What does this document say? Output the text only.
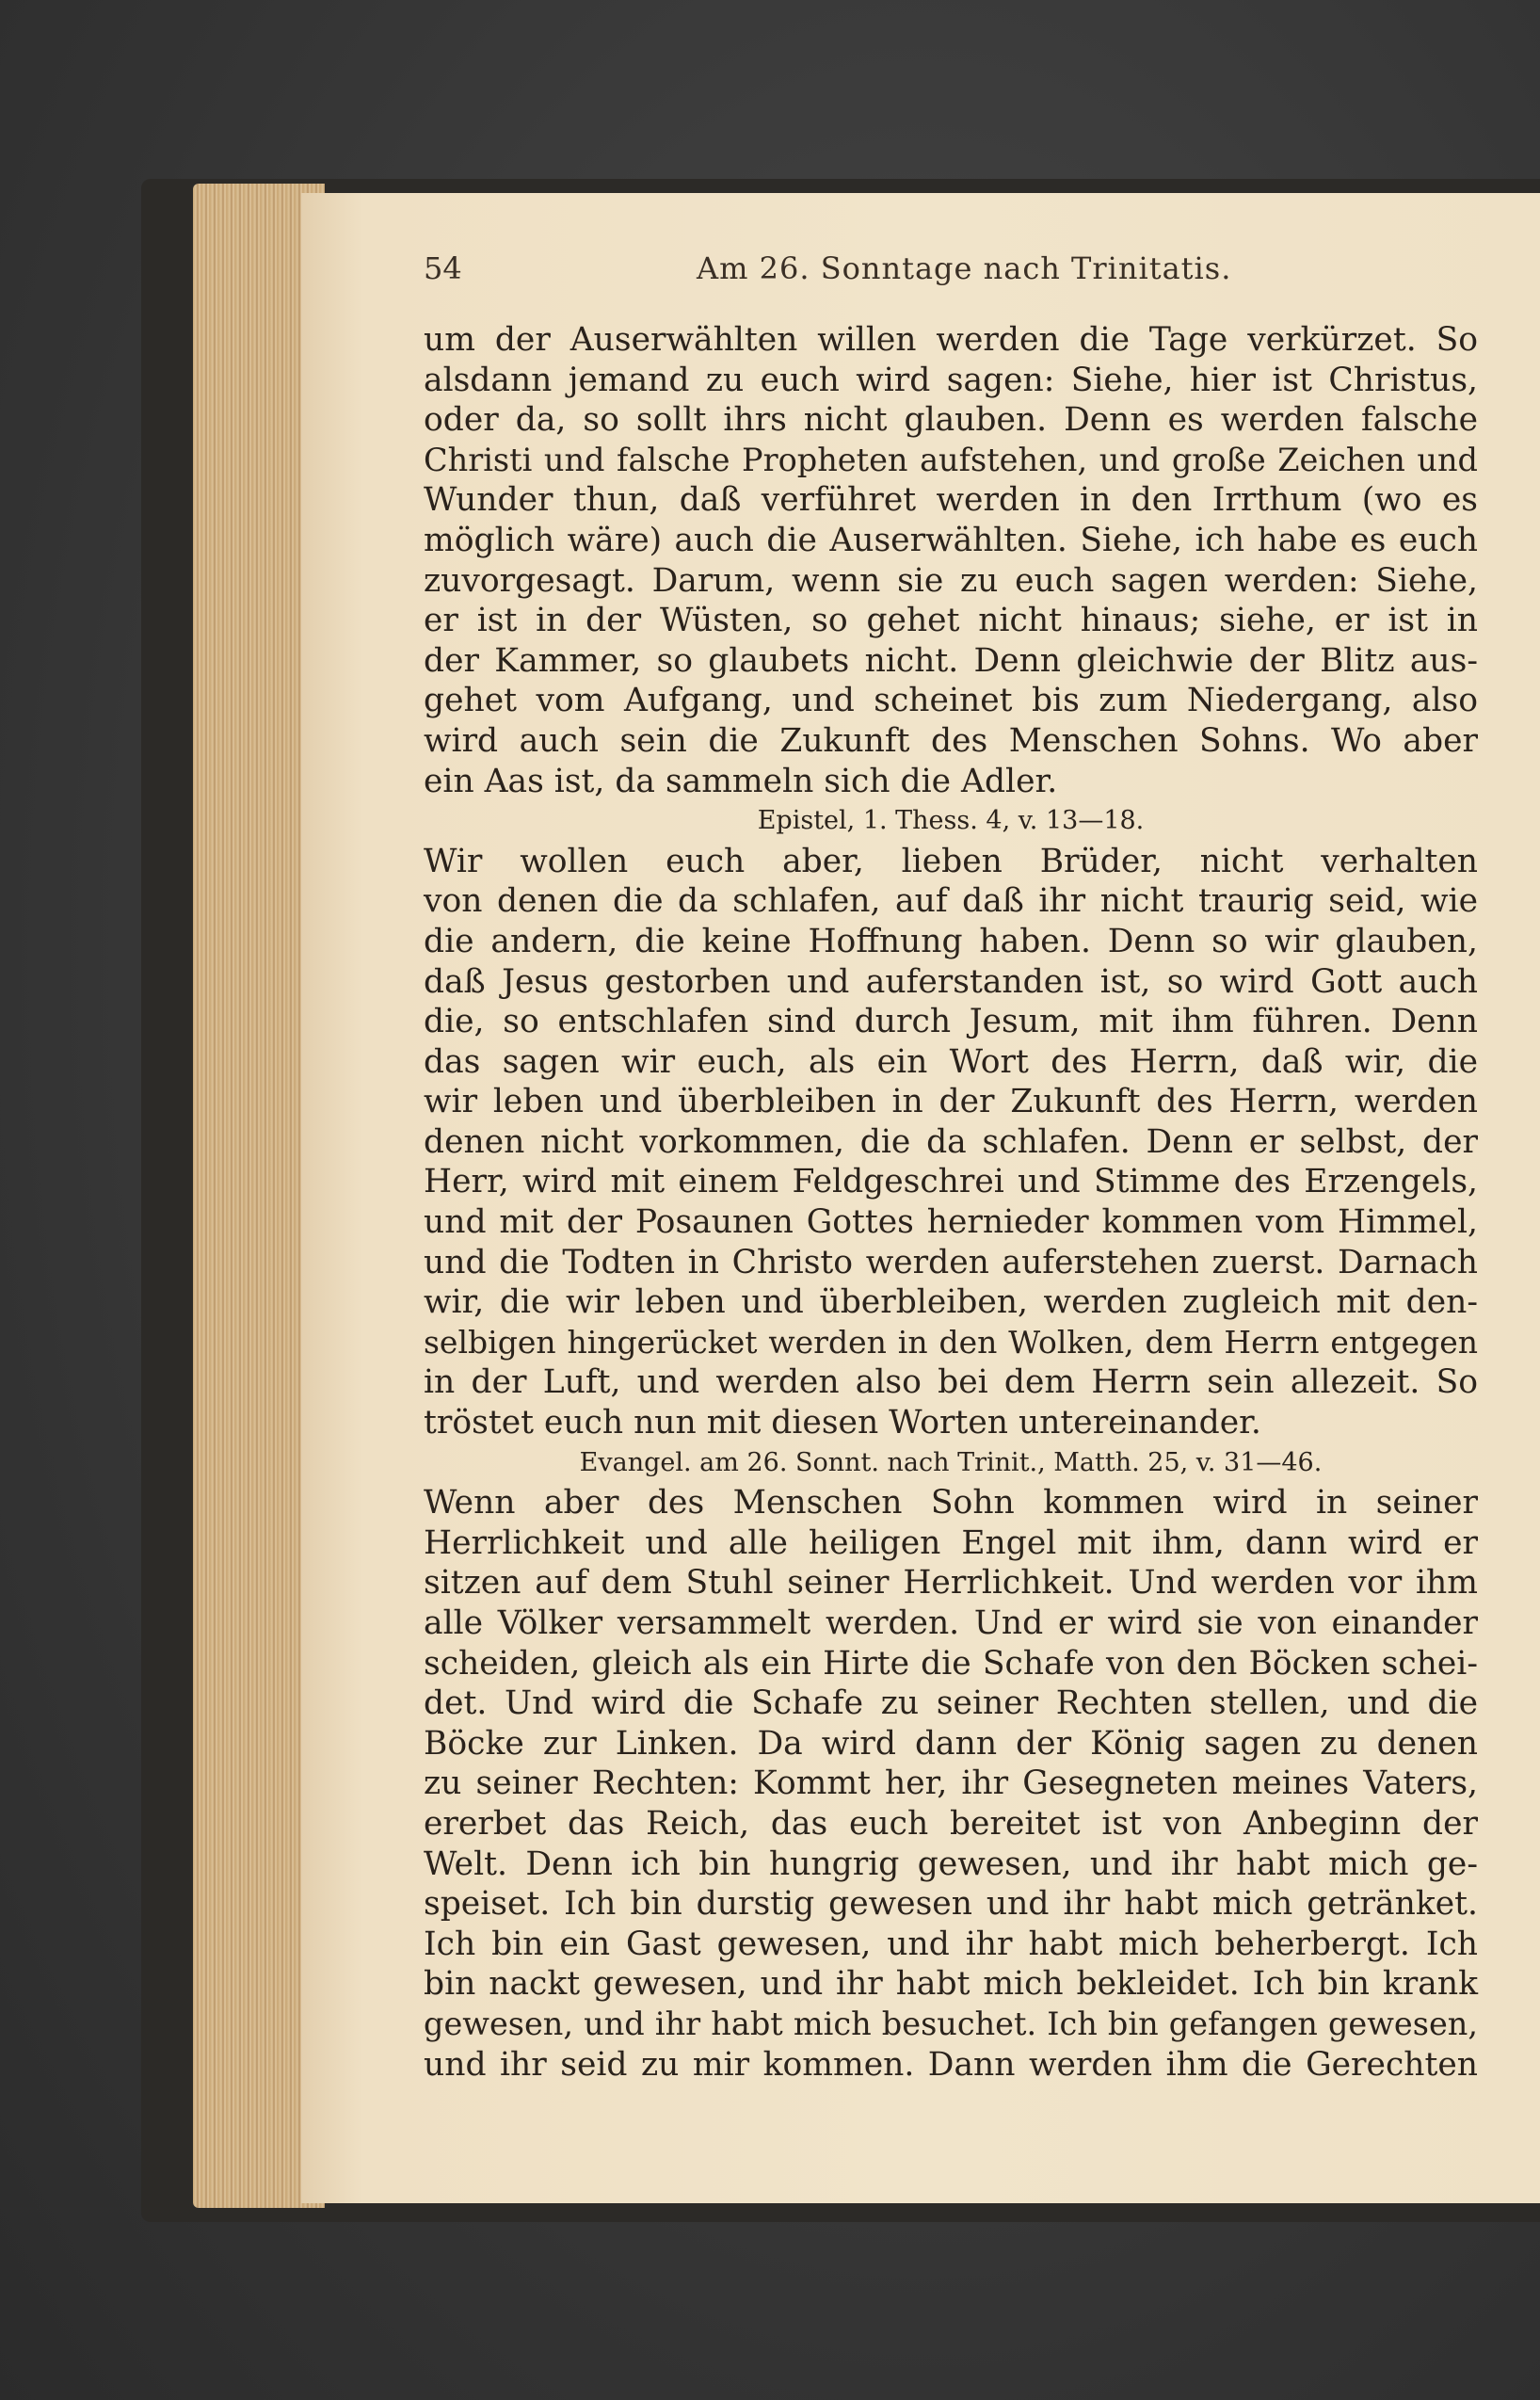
54	Am 26. Sonntage nach Trinitatis.
um der Auserwählten willen werden die Tage verkürzet. So
alsdann jemand zu euch wird sagen: Siehe, hier ist Christus,
oder da, so sollt ihrs nicht glauben. Denn es werden falsche
Christi und falsche Propheten aufstehen, und große Zeichen und
Wunder thun, daß verführet werden in den Irrthum (wo es
möglich wäre) auch die Auserwählten. Siehe, ich habe es euch
zuvorgesagt. Darum, wenn sie zu euch sagen werden: Siehe,
er ist in der Wüsten, so gehet nicht hinaus; siehe, er ist in
der Kammer, so glaubets nicht. Denn gleichwie der Blitz aus-
gehet vom Aufgang, und scheinet bis zum Niedergang, also
wird auch sein die Zukunft des Menschen Sohns. Wo aber
ein Aas ist, da sammeln sich die Adler.
Epistel, 1. Thess. 4, v. 13—18.
Wir wollen euch aber, lieben Brüder, nicht verhalten
von denen die da schlafen, auf daß ihr nicht traurig seid, wie
die andern, die keine Hoffnung haben. Denn so wir glauben,
daß Jesus gestorben und auferstanden ist, so wird Gott auch
die, so entschlafen sind durch Jesum, mit ihm führen. Denn
das sagen wir euch, als ein Wort des Herrn, daß wir, die
wir leben und überbleiben in der Zukunft des Herrn, werden
denen nicht vorkommen, die da schlafen. Denn er selbst, der
Herr, wird mit einem Feldgeschrei und Stimme des Erzengels,
und mit der Posaunen Gottes hernieder kommen vom Himmel,
und die Todten in Christo werden auferstehen zuerst. Darnach
wir, die wir leben und überbleiben, werden zugleich mit den-
selbigen hingerücket werden in den Wolken, dem Herrn entgegen
in der Luft, und werden also bei dem Herrn sein allezeit. So
tröstet euch nun mit diesen Worten untereinander.
Evangel. am 26. Sonnt. nach Trinit., Matth. 25, v. 31—46.
Wenn aber des Menschen Sohn kommen wird in seiner
Herrlichkeit und alle heiligen Engel mit ihm, dann wird er
sitzen auf dem Stuhl seiner Herrlichkeit. Und werden vor ihm
alle Völker versammelt werden. Und er wird sie von einander
scheiden, gleich als ein Hirte die Schafe von den Böcken schei-
det. Und wird die Schafe zu seiner Rechten stellen, und die
Böcke zur Linken. Da wird dann der König sagen zu denen
zu seiner Rechten: Kommt her, ihr Gesegneten meines Vaters,
ererbet das Reich, das euch bereitet ist von Anbeginn der
Welt. Denn ich bin hungrig gewesen, und ihr habt mich ge-
speiset. Ich bin durstig gewesen und ihr habt mich getränket.
Ich bin ein Gast gewesen, und ihr habt mich beherbergt. Ich
bin nackt gewesen, und ihr habt mich bekleidet. Ich bin krank
gewesen, und ihr habt mich besuchet. Ich bin gefangen gewesen,
und ihr seid zu mir kommen. Dann werden ihm die Gerechten
